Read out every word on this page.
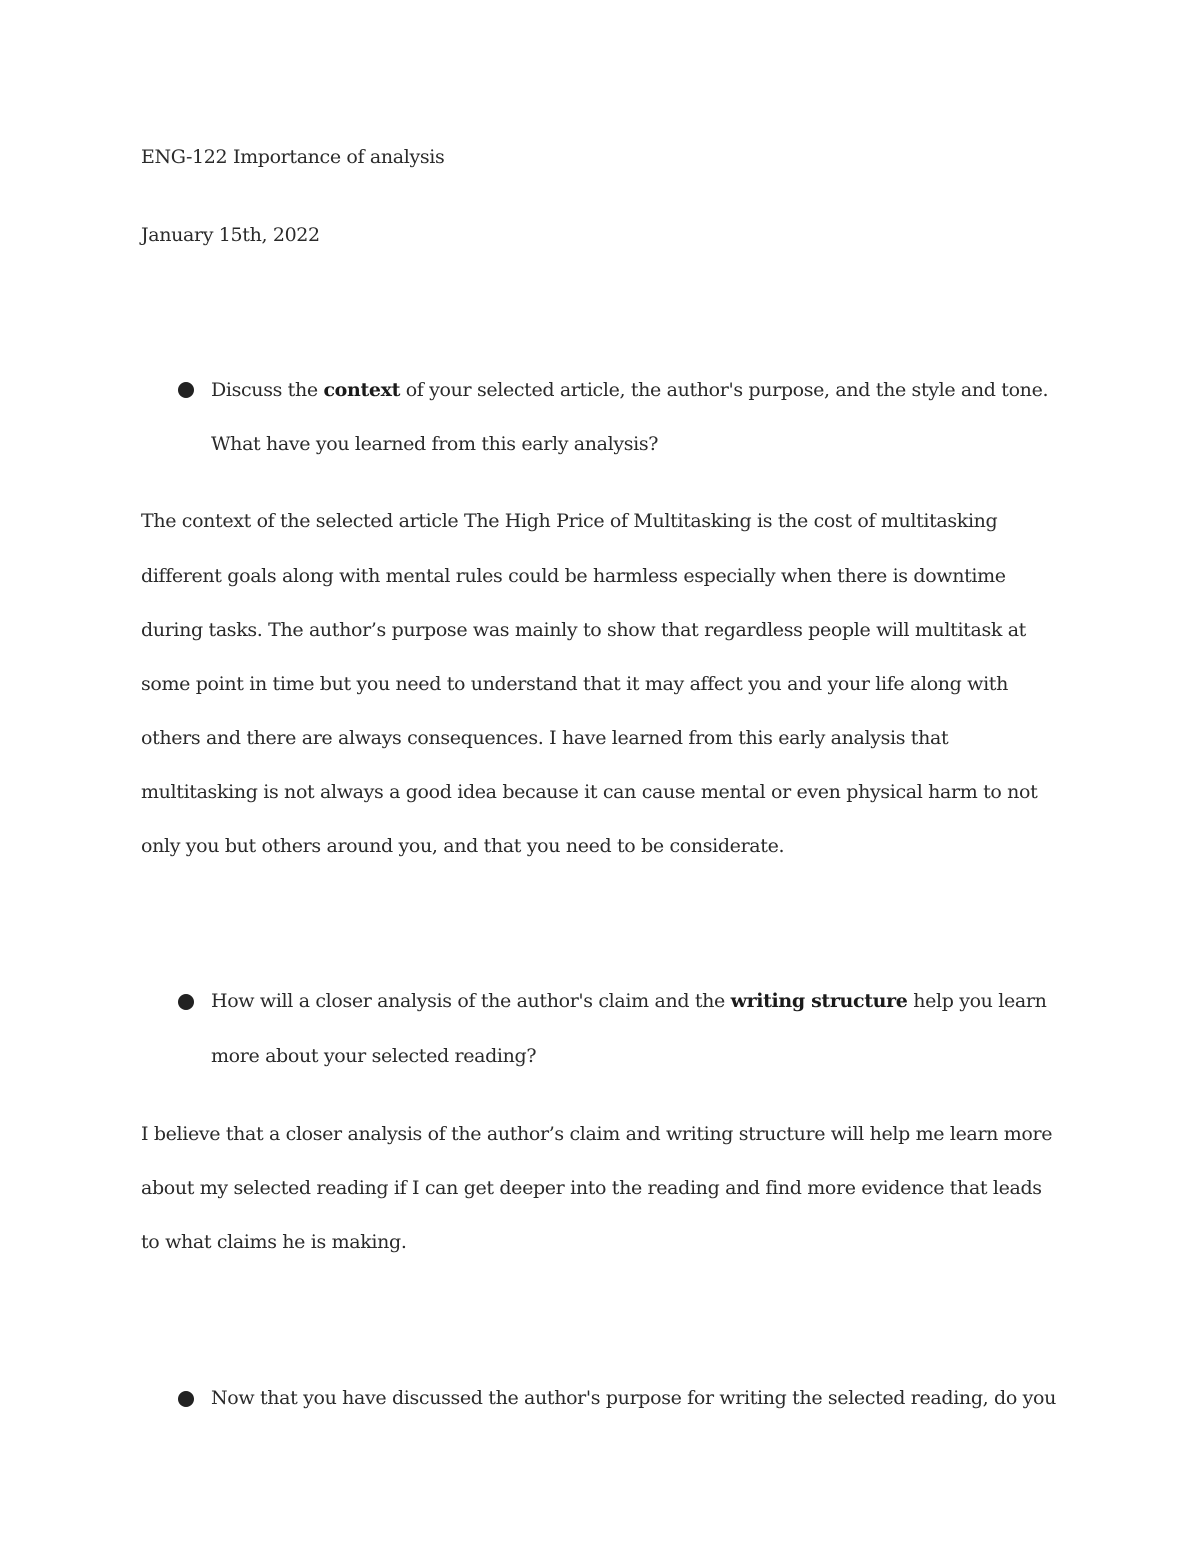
ENG-122 Importance of analysis
January 15th, 2022
Discuss the context of your selected article, the author's purpose, and the style and tone.
What have you learned from this early analysis?
The context of the selected article The High Price of Multitasking is the cost of multitasking
different goals along with mental rules could be harmless especially when there is downtime
during tasks. The author’s purpose was mainly to show that regardless people will multitask at
some point in time but you need to understand that it may affect you and your life along with
others and there are always consequences. I have learned from this early analysis that
multitasking is not always a good idea because it can cause mental or even physical harm to not
only you but others around you, and that you need to be considerate.
How will a closer analysis of the author's claim and the writing structure help you learn
more about your selected reading?
I believe that a closer analysis of the author’s claim and writing structure will help me learn more
about my selected reading if I can get deeper into the reading and find more evidence that leads
to what claims he is making.
Now that you have discussed the author's purpose for writing the selected reading, do you
